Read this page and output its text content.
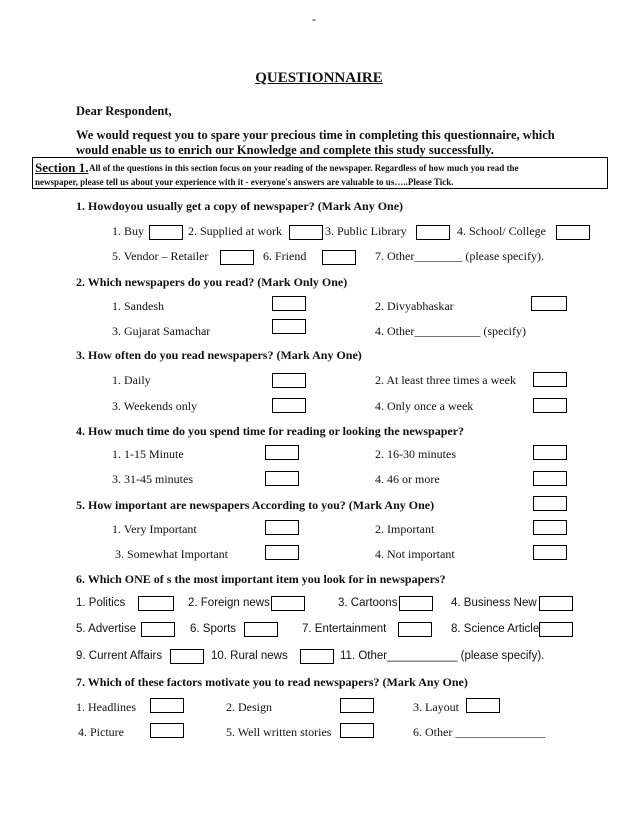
-
QUESTIONNAIRE
Dear Respondent,
We would request you to spare your precious time in completing this questionnaire, which
would enable us to enrich our Knowledge and complete this study successfully.
Section 1. All of the questions in this section focus on your reading of the newspaper. Regardless of how much you read the
newspaper, please tell us about your experience with it - everyone's answers are valuable to us…..Please Tick.
1. Howdoyou usually get a copy of newspaper? (Mark Any One)
1. Buy	2. Supplied at work	3. Public Library	4. School/ College
5. Vendor – Retailer	6. Friend	7. Other________ (please specify).
2. Which newspapers do you read? (Mark Only One)
1. Sandesh	2. Divyabhaskar
3. Gujarat Samachar	4. Other___________ (specify)
3. How often do you read newspapers? (Mark Any One)
1. Daily	2. At least three times a week
3. Weekends only	4. Only once a week
4. How much time do you spend time for reading or looking the newspaper?
1. 1-15 Minute	2. 16-30 minutes
3. 31-45 minutes	4. 46 or more
5. How important are newspapers According to you? (Mark Any One)
1. Very Important	2. Important
3. Somewhat Important	4. Not important
6. Which ONE of s the most important item you look for in newspapers?
1. Politics	2. Foreign news	3. Cartoons	4. Business New
5. Advertise	6. Sports	7. Entertainment	8. Science Article
9. Current Affairs	10. Rural news	11. Other___________ (please specify).
7. Which of these factors motivate you to read newspapers? (Mark Any One)
1. Headlines	2. Design	3. Layout
4. Picture	5. Well written stories	6. Other _______________
